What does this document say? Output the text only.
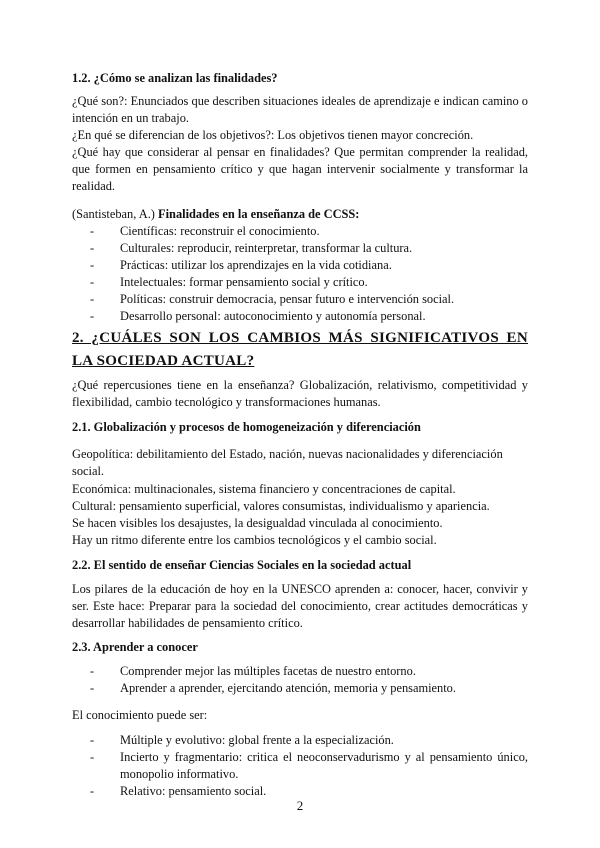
1.2. ¿Cómo se analizan las finalidades?
¿Qué son?: Enunciados que describen situaciones ideales de aprendizaje e indican camino o intención en un trabajo.
¿En qué se diferencian de los objetivos?: Los objetivos tienen mayor concreción.
¿Qué hay que considerar al pensar en finalidades? Que permitan comprender la realidad, que formen en pensamiento crítico y que hagan intervenir socialmente y transformar la realidad.
(Santisteban, A.) Finalidades en la enseñanza de CCSS:
- Científicas: reconstruir el conocimiento.
- Culturales: reproducir, reinterpretar, transformar la cultura.
- Prácticas: utilizar los aprendizajes en la vida cotidiana.
- Intelectuales: formar pensamiento social y crítico.
- Políticas: construir democracia, pensar futuro e intervención social.
- Desarrollo personal: autoconocimiento y autonomía personal.
2. ¿CUÁLES SON LOS CAMBIOS MÁS SIGNIFICATIVOS EN LA SOCIEDAD ACTUAL?
¿Qué repercusiones tiene en la enseñanza? Globalización, relativismo, competitividad y flexibilidad, cambio tecnológico y transformaciones humanas.
2.1. Globalización y procesos de homogeneización y diferenciación
Geopolítica: debilitamiento del Estado, nación, nuevas nacionalidades y diferenciación social.
Económica: multinacionales, sistema financiero y concentraciones de capital.
Cultural: pensamiento superficial, valores consumistas, individualismo y apariencia.
Se hacen visibles los desajustes, la desigualdad vinculada al conocimiento.
Hay un ritmo diferente entre los cambios tecnológicos y el cambio social.
2.2. El sentido de enseñar Ciencias Sociales en la sociedad actual
Los pilares de la educación de hoy en la UNESCO aprenden a: conocer, hacer, convivir y ser. Este hace: Preparar para la sociedad del conocimiento, crear actitudes democráticas y desarrollar habilidades de pensamiento crítico.
2.3. Aprender a conocer
- Comprender mejor las múltiples facetas de nuestro entorno.
- Aprender a aprender, ejercitando atención, memoria y pensamiento.
El conocimiento puede ser:
- Múltiple y evolutivo: global frente a la especialización.
- Incierto y fragmentario: critica el neoconservadurismo y al pensamiento único, monopolio informativo.
- Relativo: pensamiento social.
2
